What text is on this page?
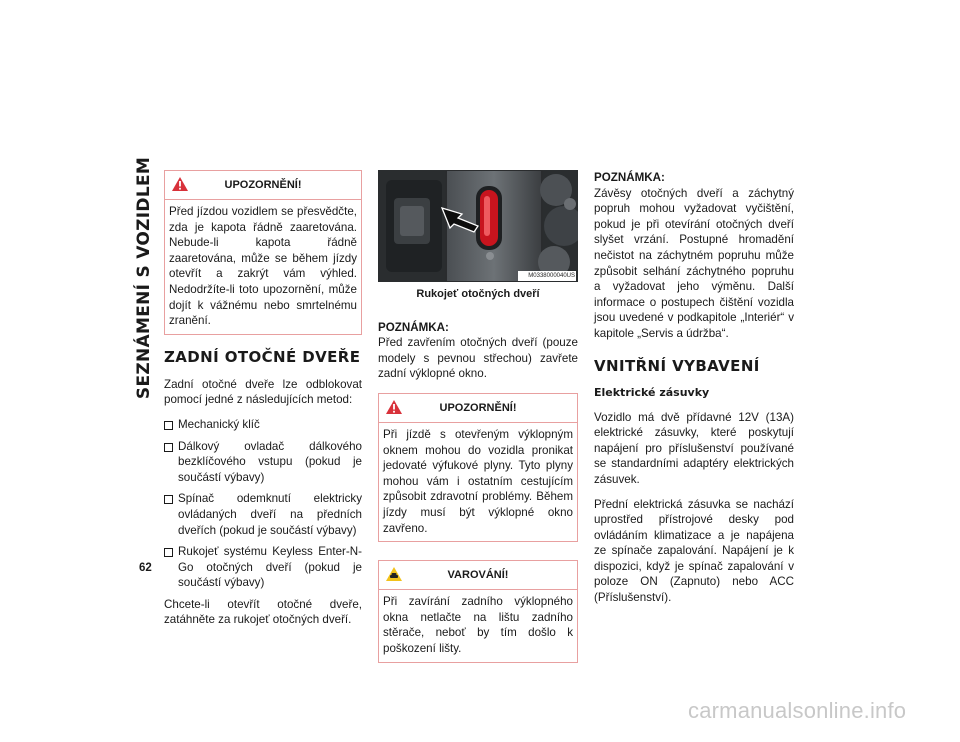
SEZNÁMENÍ S VOZIDLEM	UPOZORNĚNÍ!
Před jízdou vozidlem se přesvědčte, zda je kapota řádně zaaretována. Nebude-li kapota řádně zaaretována, může se během jízdy otevřít a zakrýt vám výhled. Nedodržíte-li toto upozornění, může dojít k vážnému nebo smrtelnému zranění.
ZADNÍ OTOČNÉ DVEŘE

Zadní otočné dveře lze odblokovat pomocí jedné z následujících metod:

Mechanický klíč
Dálkový ovladač dálkového bezklíčového vstupu (pokud je součástí výbavy)
Spínač odemknutí elektricky ovládaných dveří na předních dveřích (pokud je součástí výbavy)
Rukojeť systému Keyless Enter-N-Go otočných dveří (pokud je součástí výbavy)

Chcete-li otevřít otočné dveře, zatáhněte za rukojeť otočných dveří.

M0338000040US
Rukojeť otočných dveří

POZNÁMKA:

Před zavřením otočných dveří (pouze modely s pevnou střechou) zavřete zadní výklopné okno.

UPOZORNĚNÍ!
Při jízdě s otevřeným výklopným oknem mohou do vozidla pronikat jedovaté výfukové plyny. Tyto plyny mohou vám i ostatním cestujícím způsobit zdravotní problémy. Během jízdy musí být výklopné okno zavřeno.
VAROVÁNÍ!
Při zavírání zadního výklopného okna netlačte na lištu zadního stěrače, neboť by tím došlo k poškození lišty.

POZNÁMKA:

Závěsy otočných dveří a záchytný popruh mohou vyžadovat vyčištění, pokud je při otevírání otočných dveří slyšet vrzání. Postupné hromadění nečistot na záchytném popruhu může způsobit selhání záchytného popruhu a vyžadovat jeho výměnu. Další informace o postupech čištění vozidla jsou uvedené v podkapitole „Interiér“ v kapitole „Servis a údržba“.

VNITŘNÍ VYBAVENÍ
Elektrické zásuvky

Vozidlo má dvě přídavné 12V (13A) elektrické zásuvky, které poskytují napájení pro příslušenství používané se standardními adaptéry elektrických zásuvek.

Přední elektrická zásuvka se nachází uprostřed přístrojové desky pod ovládáním klimatizace a je napájena ze spínače zapalování. Napájení je k dispozici, když je spínač zapalování v poloze ON (Zapnuto) nebo ACC (Příslušenství).

62
carmanualsonline.info
